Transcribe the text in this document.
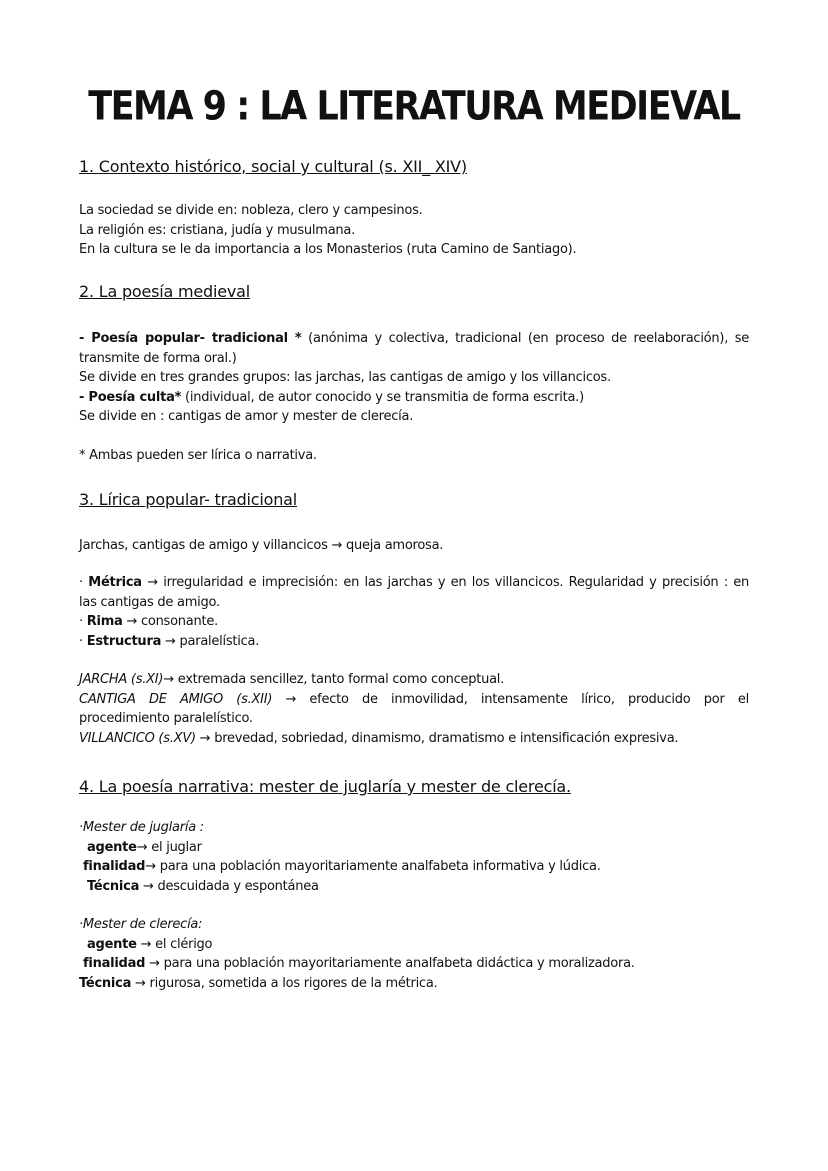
TEMA 9 : LA LITERATURA MEDIEVAL

1. Contexto histórico, social y cultural (s. XII_ XIV)

La sociedad se divide en: nobleza, clero y campesinos.
La religión es: cristiana, judía y musulmana.
En la cultura se le da importancia a los Monasterios (ruta Camino de Santiago).

2. La poesía medieval

- Poesía popular- tradicional * (anónima y colectiva, tradicional (en proceso de reelaboración), se
transmite de forma oral.)
Se divide en tres grandes grupos: las jarchas, las cantigas de amigo y los villancicos.
- Poesía culta* (individual, de autor conocido y se transmitia de forma escrita.)
Se divide en : cantigas de amor y mester de clerecía.

* Ambas pueden ser lírica o narrativa.

3. Lírica popular- tradicional

Jarchas, cantigas de amigo y villancicos → queja amorosa.

· Métrica → irregularidad e imprecisión: en las jarchas y en los villancicos. Regularidad y precisión : en
las cantigas de amigo.
· Rima → consonante.
· Estructura → paralelística.

JARCHA (s.XI)→ extremada sencillez, tanto formal como conceptual.
CANTIGA DE AMIGO (s.XII) → efecto de inmovilidad, intensamente lírico, producido por el
procedimiento paralelístico.
VILLANCICO (s.XV) → brevedad, sobriedad, dinamismo, dramatismo e intensificación expresiva.

4. La poesía narrativa: mester de juglaría y mester de clerecía.

·Mester de juglaría :
agente→ el juglar
finalidad→ para una población mayoritariamente analfabeta informativa y lúdica.
Técnica → descuidada y espontánea

·Mester de clerecía:
agente → el clérigo
finalidad → para una población mayoritariamente analfabeta didáctica y moralizadora.
Técnica → rigurosa, sometida a los rigores de la métrica.
